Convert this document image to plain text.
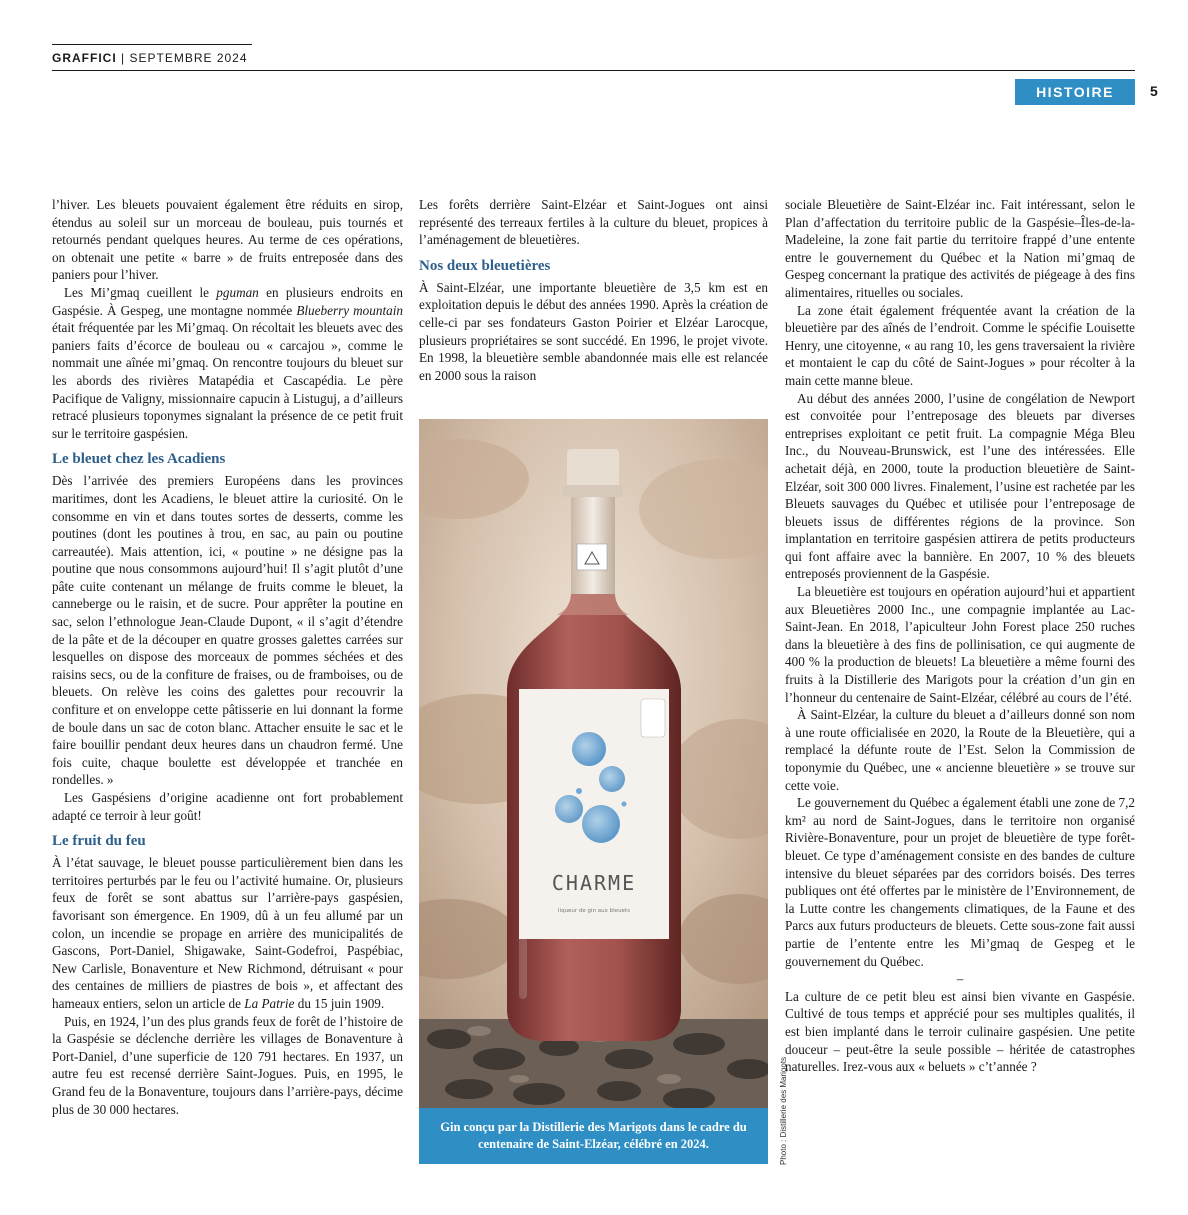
GRAFFICI | SEPTEMBRE 2024
HISTOIRE	5

l’hiver. Les bleuets pouvaient également être réduits en sirop, étendus au soleil sur un morceau de bouleau, puis tournés et retournés pendant quelques heures. Au terme de ces opérations, on obtenait une petite « barre » de fruits entreposée dans des paniers pour l’hiver.

Les Mi’gmaq cueillent le pguman en plusieurs endroits en Gaspésie. À Gespeg, une montagne nommée Blueberry mountain était fréquentée par les Mi’gmaq. On récoltait les bleuets avec des paniers faits d’écorce de bouleau ou « carcajou », comme le nommait une aînée mi’gmaq. On rencontre toujours du bleuet sur les abords des rivières Matapédia et Cascapédia. Le père Pacifique de Valigny, missionnaire capucin à Listuguj, a d’ailleurs retracé plusieurs toponymes signalant la présence de ce petit fruit sur le territoire gaspésien.

Le bleuet chez les Acadiens

Dès l’arrivée des premiers Européens dans les provinces maritimes, dont les Acadiens, le bleuet attire la curiosité. On le consomme en vin et dans toutes sortes de desserts, comme les poutines (dont les poutines à trou, en sac, au pain ou poutine carreautée). Mais attention, ici, « poutine » ne désigne pas la poutine que nous consommons aujourd’hui! Il s’agit plutôt d’une pâte cuite contenant un mélange de fruits comme le bleuet, la canneberge ou le raisin, et de sucre. Pour apprêter la poutine en sac, selon l’ethnologue Jean-Claude Dupont, « il s’agit d’étendre de la pâte et de la découper en quatre grosses galettes carrées sur lesquelles on dispose des morceaux de pommes séchées et des raisins secs, ou de la confiture de fraises, ou de framboises, ou de bleuets. On relève les coins des galettes pour recouvrir la confiture et on enveloppe cette pâtisserie en lui donnant la forme de boule dans un sac de coton blanc. Attacher ensuite le sac et le faire bouillir pendant deux heures dans un chaudron fermé. Une fois cuite, chaque boulette est développée et tranchée en rondelles. »

Les Gaspésiens d’origine acadienne ont fort probablement adapté ce terroir à leur goût!

Le fruit du feu

À l’état sauvage, le bleuet pousse particulièrement bien dans les territoires perturbés par le feu ou l’activité humaine. Or, plusieurs feux de forêt se sont abattus sur l’arrière-pays gaspésien, favorisant son émergence. En 1909, dû à un feu allumé par un colon, un incendie se propage en arrière des municipalités de Gascons, Port-Daniel, Shigawake, Saint-Godefroi, Paspébiac, New Carlisle, Bonaventure et New Richmond, détruisant « pour des centaines de milliers de piastres de bois », et affectant des hameaux entiers, selon un article de La Patrie du 15 juin 1909.

Puis, en 1924, l’un des plus grands feux de forêt de l’histoire de la Gaspésie se déclenche derrière les villages de Bonaventure à Port-Daniel, d’une superficie de 120 791 hectares. En 1937, un autre feu est recensé derrière Saint-Jogues. Puis, en 1995, le Grand feu de la Bonaventure, toujours dans l’arrière-pays, décime plus de 30 000 hectares.

Les forêts derrière Saint-Elzéar et Saint-Jogues ont ainsi représenté des terreaux fertiles à la culture du bleuet, propices à l’aménagement de bleuetières.

Nos deux bleuetières

À Saint-Elzéar, une importante bleuetière de 3,5 km est en exploitation depuis le début des années 1990. Après la création de celle-ci par ses fondateurs Gaston Poirier et Elzéar Larocque, plusieurs propriétaires se sont succédé. En 1996, le projet vivote. En 1998, la bleuetière semble abandonnée mais elle est relancée en 2000 sous la raison

CHARME
liqueur de gin aux bleuets
Gin conçu par la Distillerie des Marigots dans le cadre du centenaire de Saint-Elzéar, célébré en 2024.	Photo : Distillerie des Marigots

sociale Bleuetière de Saint-Elzéar inc. Fait intéressant, selon le Plan d’affectation du territoire public de la Gaspésie–Îles-de-la-Madeleine, la zone fait partie du territoire frappé d’une entente entre le gouvernement du Québec et la Nation mi’gmaq de Gespeg concernant la pratique des activités de piégeage à des fins alimentaires, rituelles ou sociales.

La zone était également fréquentée avant la création de la bleuetière par des aînés de l’endroit. Comme le spécifie Louisette Henry, une citoyenne, « au rang 10, les gens traversaient la rivière et montaient le cap du côté de Saint-Jogues » pour récolter à la main cette manne bleue.

Au début des années 2000, l’usine de congélation de Newport est convoitée pour l’entreposage des bleuets par diverses entreprises exploitant ce petit fruit. La compagnie Méga Bleu Inc., du Nouveau-Brunswick, est l’une des intéressées. Elle achetait déjà, en 2000, toute la production bleuetière de Saint-Elzéar, soit 300 000 livres. Finalement, l’usine est rachetée par les Bleuets sauvages du Québec et utilisée pour l’entreposage de bleuets issus de différentes régions de la province. Son implantation en territoire gaspésien attirera de petits producteurs qui font affaire avec la bannière. En 2007, 10 % des bleuets entreposés proviennent de la Gaspésie.

La bleuetière est toujours en opération aujourd’hui et appartient aux Bleuetières 2000 Inc., une compagnie implantée au Lac-Saint-Jean. En 2018, l’apiculteur John Forest place 250 ruches dans la bleuetière à des fins de pollinisation, ce qui augmente de 400 % la production de bleuets! La bleuetière a même fourni des fruits à la Distillerie des Marigots pour la création d’un gin en l’honneur du centenaire de Saint-Elzéar, célébré au cours de l’été.

À Saint-Elzéar, la culture du bleuet a d’ailleurs donné son nom à une route officialisée en 2020, la Route de la Bleuetière, qui a remplacé la défunte route de l’Est. Selon la Commission de toponymie du Québec, une « ancienne bleuetière » se trouve sur cette voie.

Le gouvernement du Québec a également établi une zone de 7,2 km² au nord de Saint-Jogues, dans le territoire non organisé Rivière-Bonaventure, pour un projet de bleuetière de type forêt-bleuet. Ce type d’aménagement consiste en des bandes de culture intensive du bleuet séparées par des corridors boisés. Des terres publiques ont été offertes par le ministère de l’Environnement, de la Lutte contre les changements climatiques, de la Faune et des Parcs aux futurs producteurs de bleuets. Cette sous-zone fait aussi partie de l’entente entre les Mi’gmaq de Gespeg et le gouvernement du Québec.

–

La culture de ce petit bleu est ainsi bien vivante en Gaspésie. Cultivé de tous temps et apprécié pour ses multiples qualités, il est bien implanté dans le terroir culinaire gaspésien. Une petite douceur – peut-être la seule possible – héritée de catastrophes naturelles. Irez-vous aux « beluets » c’t’année ?
